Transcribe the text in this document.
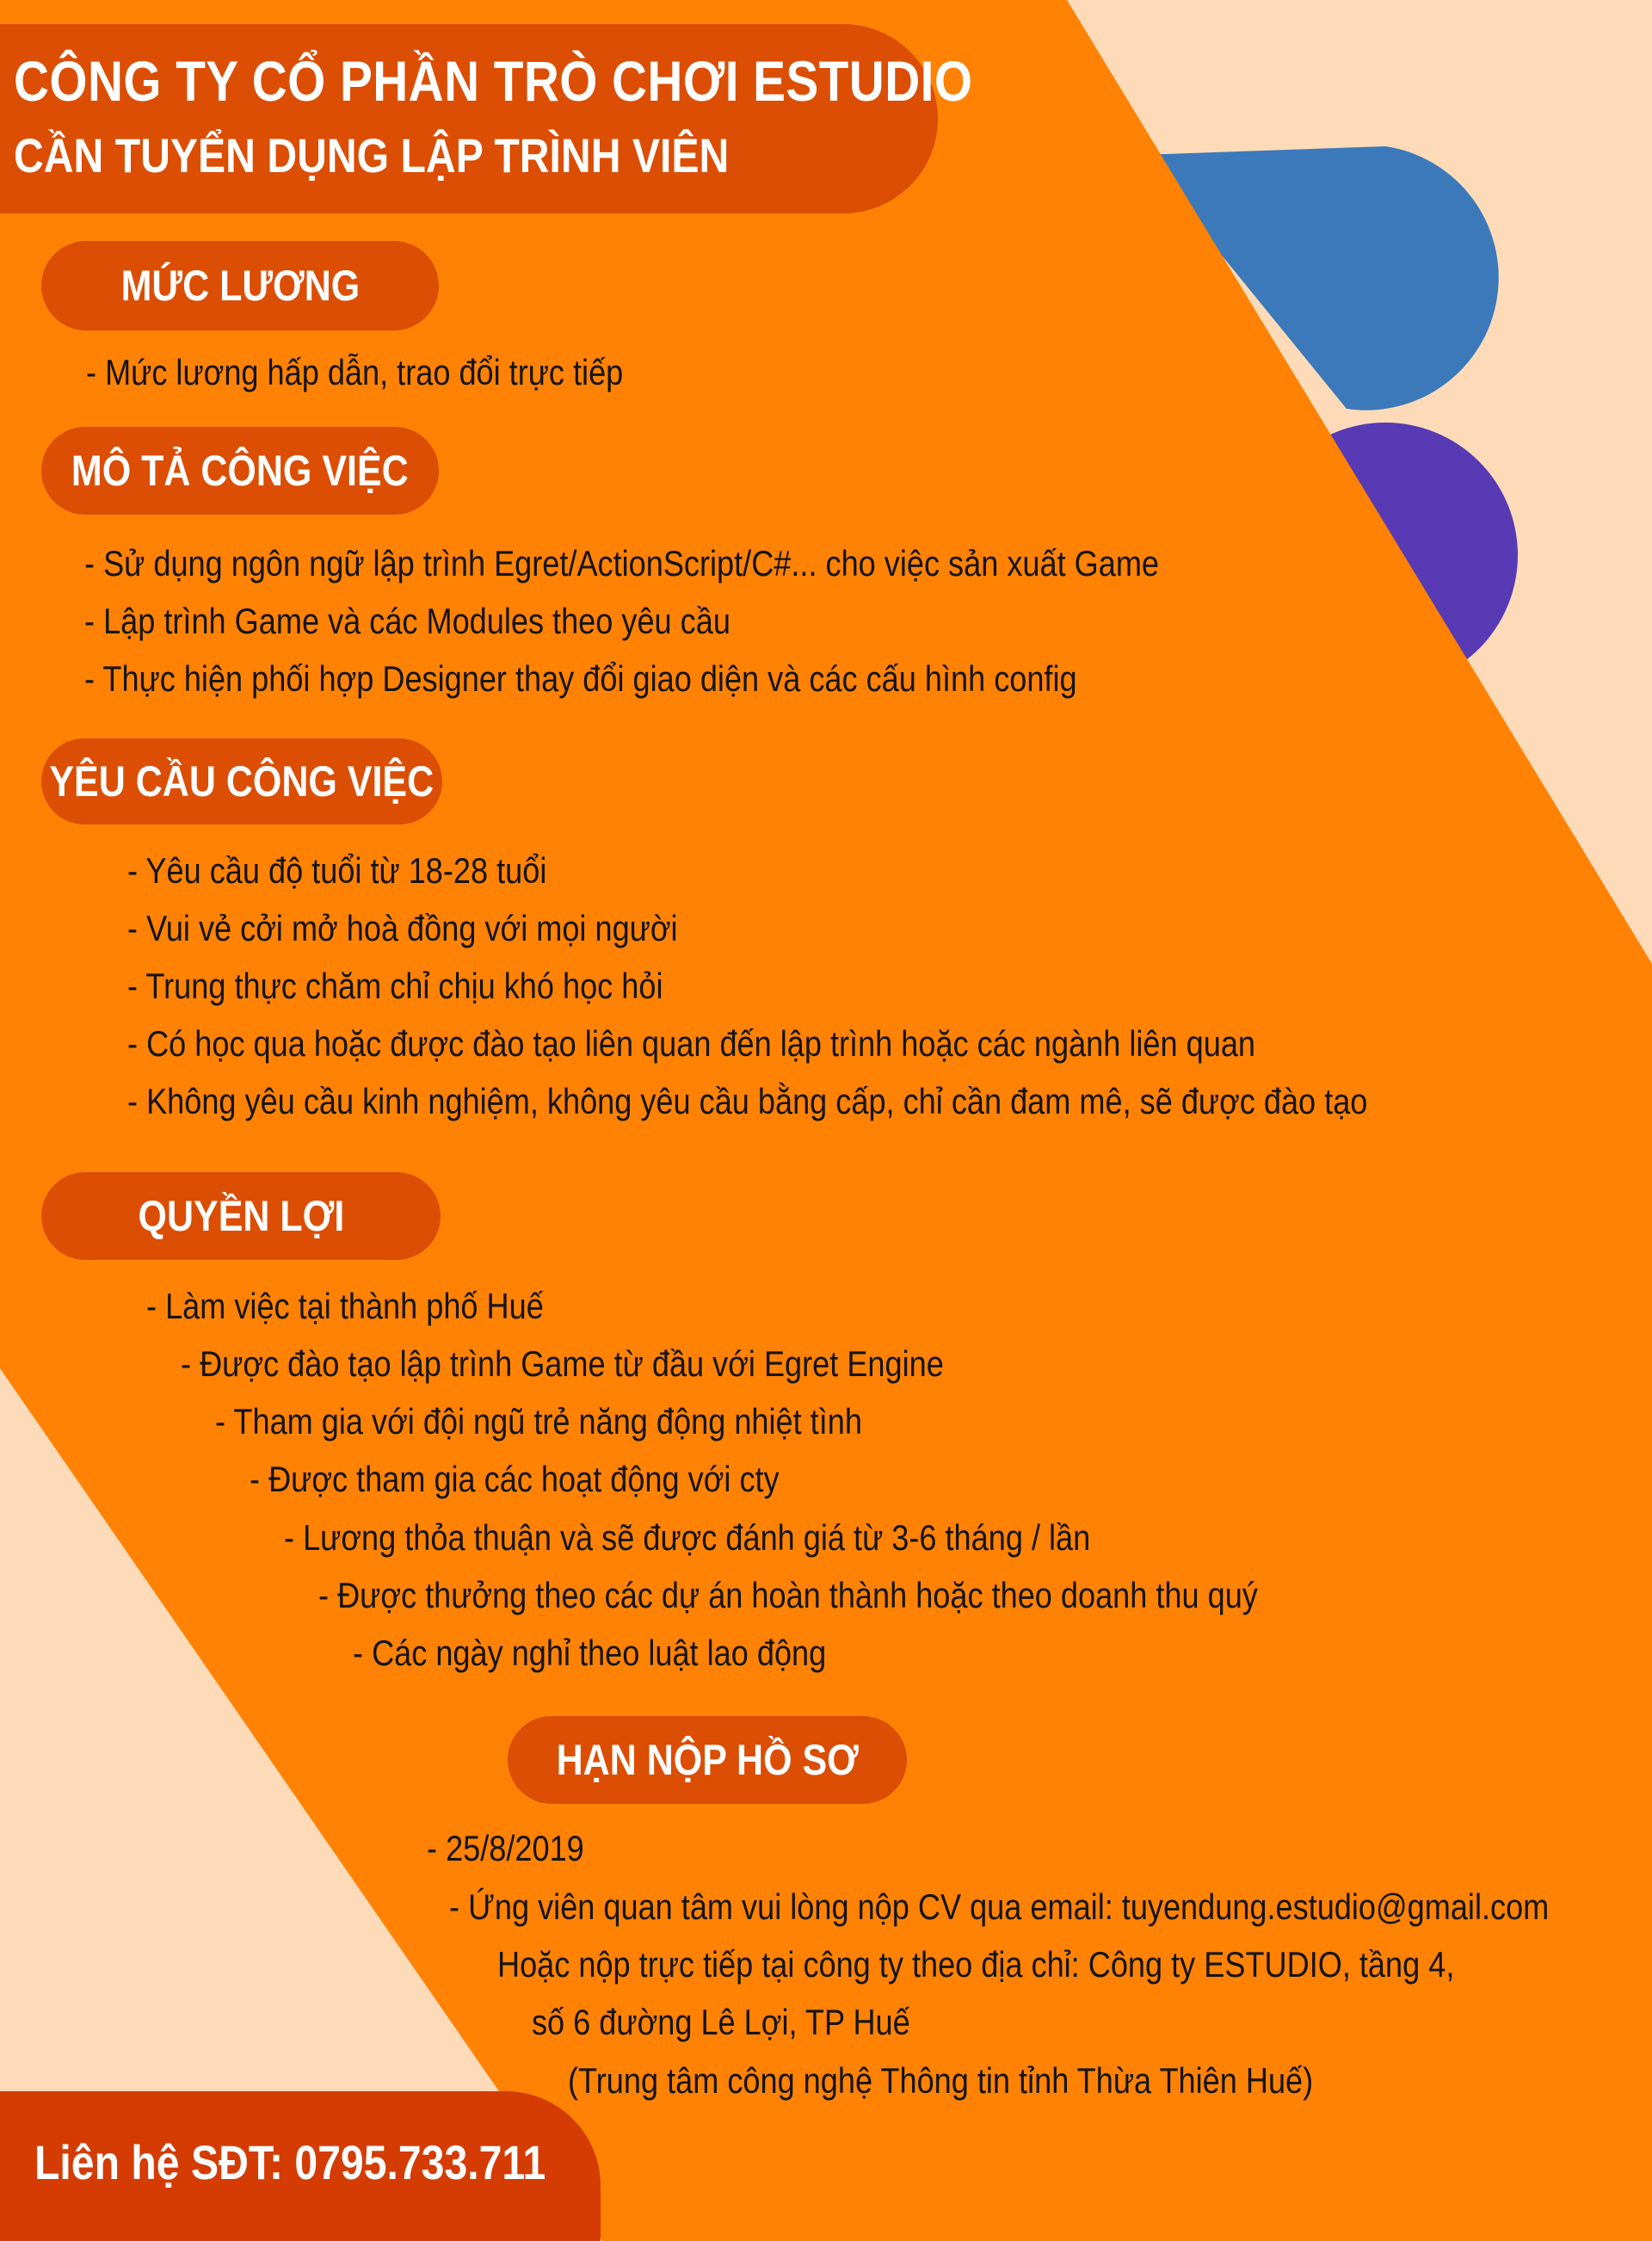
CÔNG TY CỔ PHẦN TRÒ CHƠI ESTUDIO
CẦN TUYỂN DỤNG LẬP TRÌNH VIÊN
MỨC LƯƠNG
- Mức lương hấp dẫn, trao đổi trực tiếp
MÔ TẢ CÔNG VIỆC
- Sử dụng ngôn ngữ lập trình Egret/ActionScript/C#... cho việc sản xuất Game
- Lập trình Game và các Modules theo yêu cầu
- Thực hiện phối hợp Designer thay đổi giao diện và các cấu hình config
YÊU CẦU CÔNG VIỆC
- Yêu cầu độ tuổi từ 18-28 tuổi
- Vui vẻ cởi mở hoà đồng với mọi người
- Trung thực chăm chỉ chịu khó học hỏi
- Có học qua hoặc được đào tạo liên quan đến lập trình hoặc các ngành liên quan
- Không yêu cầu kinh nghiệm, không yêu cầu bằng cấp, chỉ cần đam mê, sẽ được đào tạo
QUYỀN LỢI
- Làm việc tại thành phố Huế
- Được đào tạo lập trình Game từ đầu với Egret Engine
- Tham gia với đội ngũ trẻ năng động nhiệt tình
- Được tham gia các hoạt động với cty
- Lương thỏa thuận và sẽ được đánh giá từ 3-6 tháng / lần
- Được thưởng theo các dự án hoàn thành hoặc theo doanh thu quý
- Các ngày nghỉ theo luật lao động
HẠN NỘP HỒ SƠ
- 25/8/2019
- Ứng viên quan tâm vui lòng nộp CV qua email: tuyendung.estudio@gmail.com
Hoặc nộp trực tiếp tại công ty theo địa chỉ: Công ty ESTUDIO, tầng 4,
số 6 đường Lê Lợi, TP Huế
(Trung tâm công nghệ Thông tin tỉnh Thừa Thiên Huế)
Liên hệ SĐT: 0795.733.711
